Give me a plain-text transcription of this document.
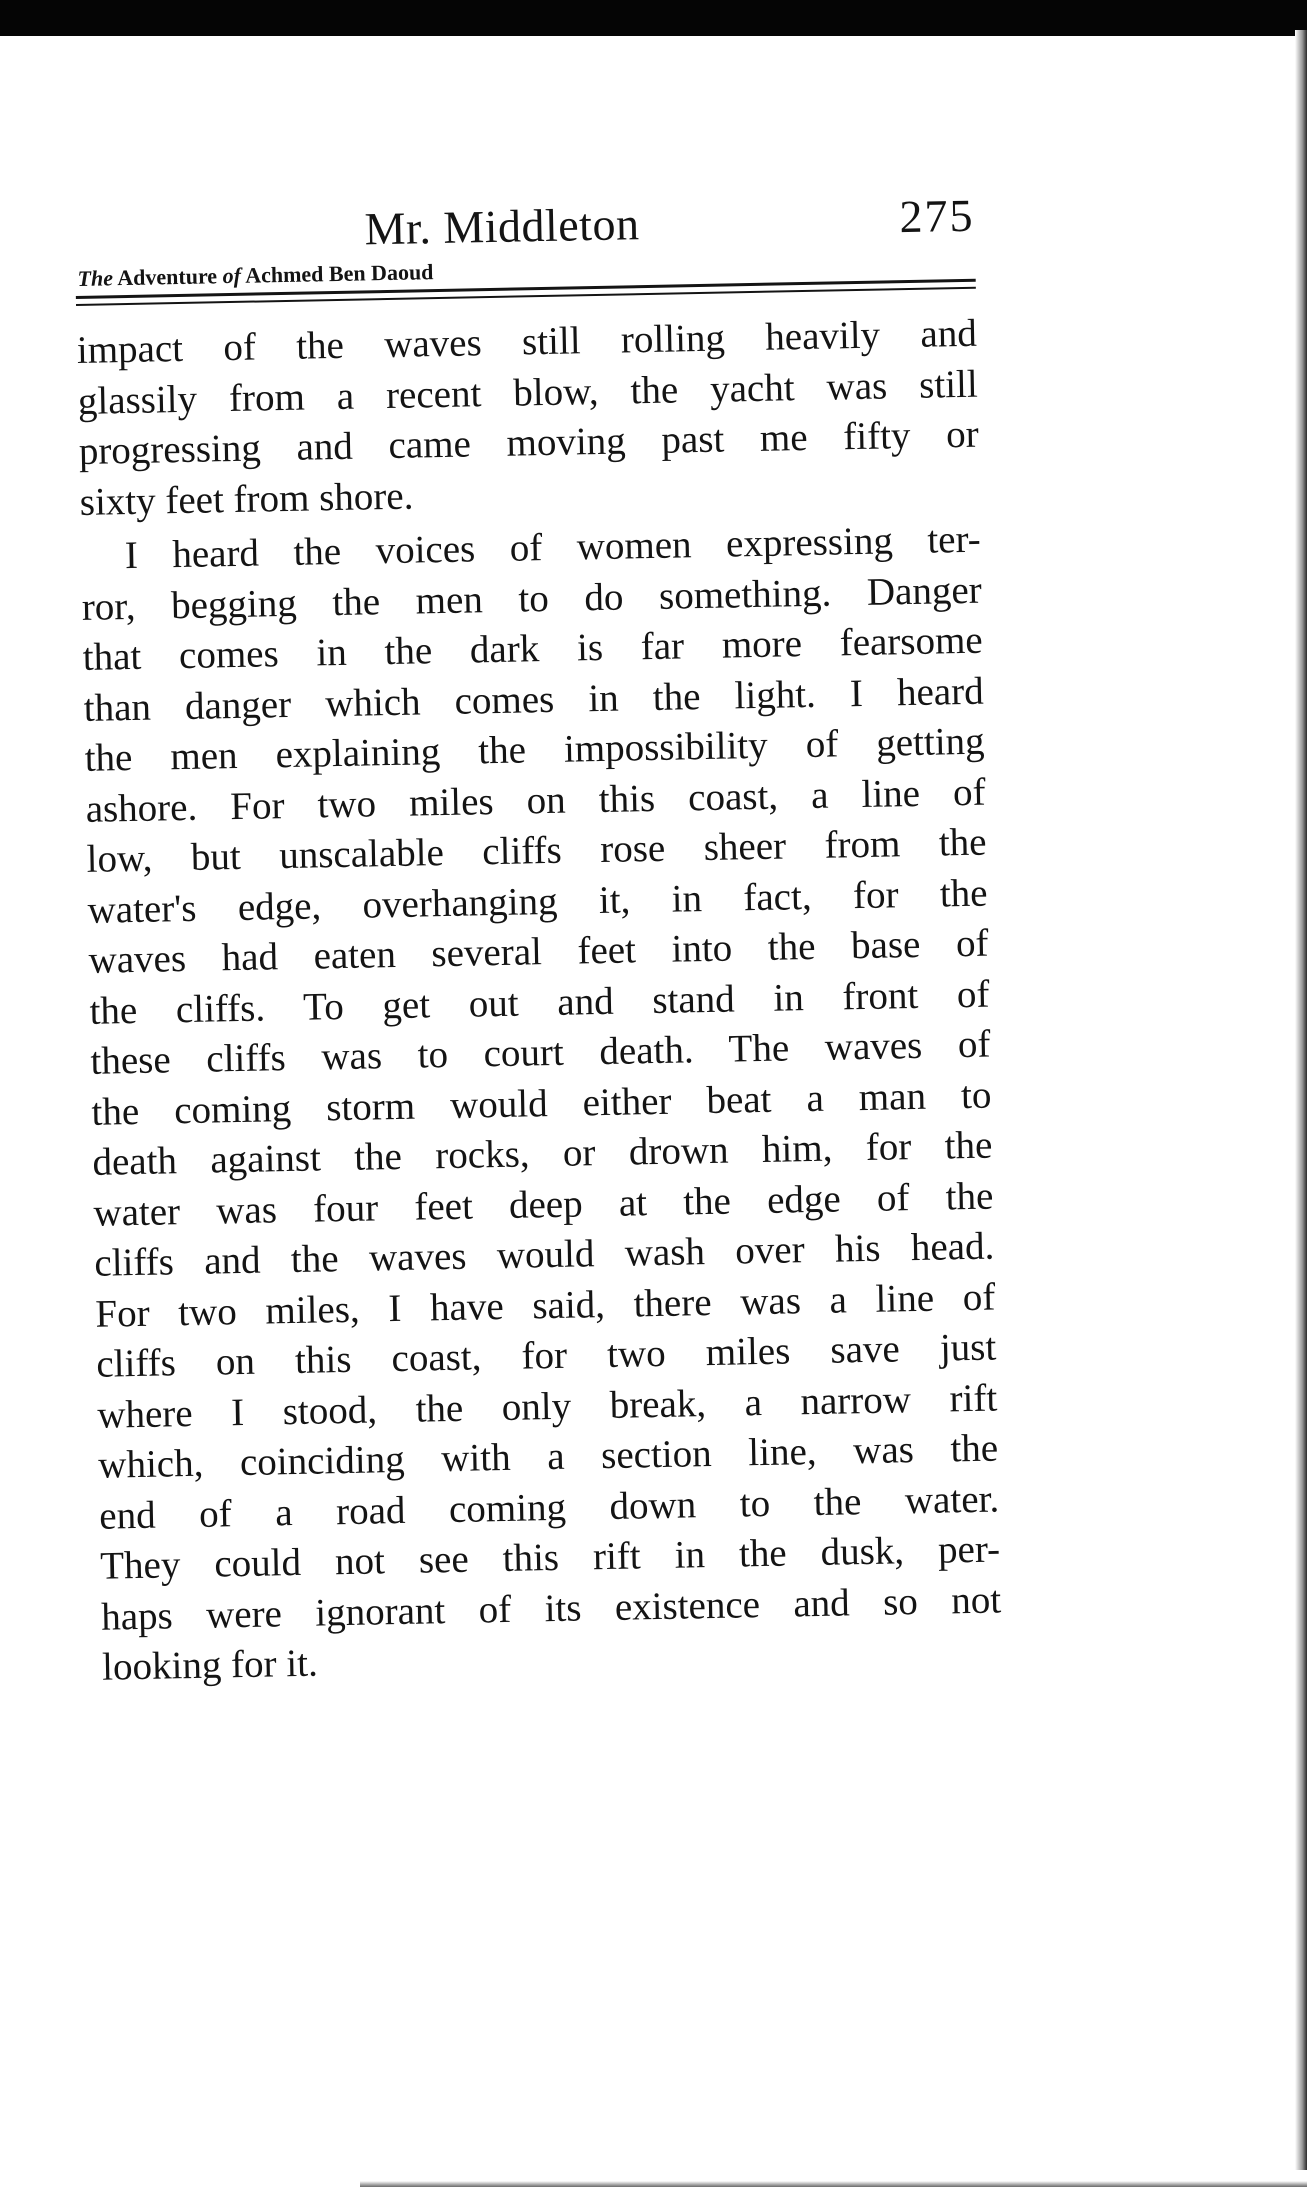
Mr. Middleton	275
The Adventure of Achmed Ben Daoud

impact of the waves still rolling heavily and
glassily from a recent blow, the yacht was still
progressing and came moving past me fifty or
sixty feet from shore.

I heard the voices of women expressing ter-
ror, begging the men to do something. Danger
that comes in the dark is far more fearsome
than danger which comes in the light. I heard
the men explaining the impossibility of getting
ashore. For two miles on this coast, a line of
low, but unscalable cliffs rose sheer from the
water's edge, overhanging it, in fact, for the
waves had eaten several feet into the base of
the cliffs. To get out and stand in front of
these cliffs was to court death. The waves of
the coming storm would either beat a man to
death against the rocks, or drown him, for the
water was four feet deep at the edge of the
cliffs and the waves would wash over his head.
For two miles, I have said, there was a line of
cliffs on this coast, for two miles save just
where I stood, the only break, a narrow rift
which, coinciding with a section line, was the
end of a road coming down to the water.
They could not see this rift in the dusk, per-
haps were ignorant of its existence and so not
looking for it.
